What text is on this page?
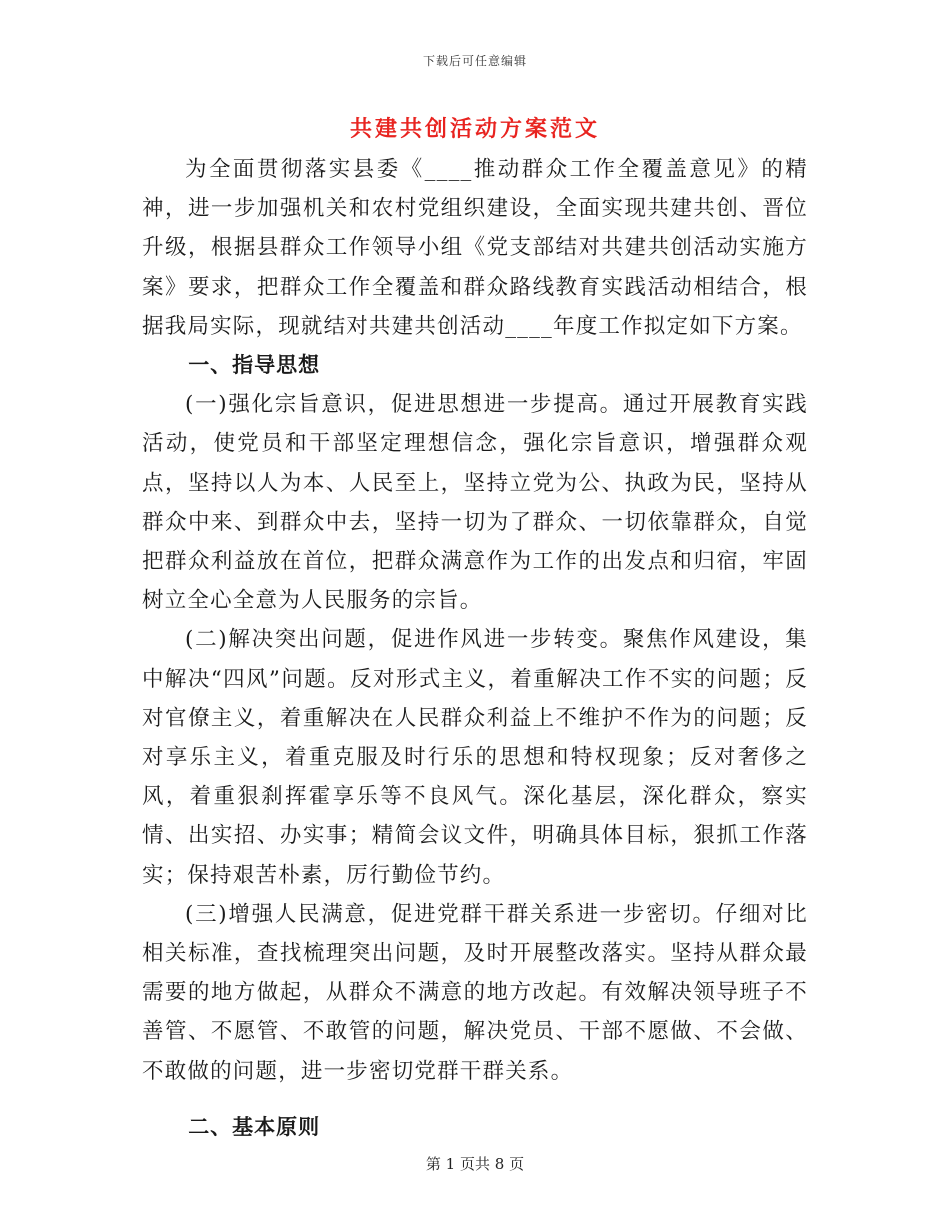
下载后可任意编辑
共建共创活动方案范文

为全面贯彻落实县委《____推动群众工作全覆盖意见》的精神，进一步加强机关和农村党组织建设，全面实现共建共创、晋位升级，根据县群众工作领导小组《党支部结对共建共创活动实施方案》要求，把群众工作全覆盖和群众路线教育实践活动相结合，根据我局实际，现就结对共建共创活动____年度工作拟定如下方案。

一、指导思想

(一)强化宗旨意识，促进思想进一步提高。通过开展教育实践活动，使党员和干部坚定理想信念，强化宗旨意识，增强群众观点，坚持以人为本、人民至上，坚持立党为公、执政为民，坚持从群众中来、到群众中去，坚持一切为了群众、一切依靠群众，自觉把群众利益放在首位，把群众满意作为工作的出发点和归宿，牢固树立全心全意为人民服务的宗旨。

(二)解决突出问题，促进作风进一步转变。聚焦作风建设，集中解决“四风”问题。反对形式主义，着重解决工作不实的问题；反对官僚主义，着重解决在人民群众利益上不维护不作为的问题；反对享乐主义，着重克服及时行乐的思想和特权现象；反对奢侈之风，着重狠刹挥霍享乐等不良风气。深化基层，深化群众，察实情、出实招、办实事；精简会议文件，明确具体目标，狠抓工作落实；保持艰苦朴素，厉行勤俭节约。

(三)增强人民满意，促进党群干群关系进一步密切。仔细对比相关标准，查找梳理突出问题，及时开展整改落实。坚持从群众最需要的地方做起，从群众不满意的地方改起。有效解决领导班子不善管、不愿管、不敢管的问题，解决党员、干部不愿做、不会做、不敢做的问题，进一步密切党群干群关系。

二、基本原则

第 1 页共 8 页
